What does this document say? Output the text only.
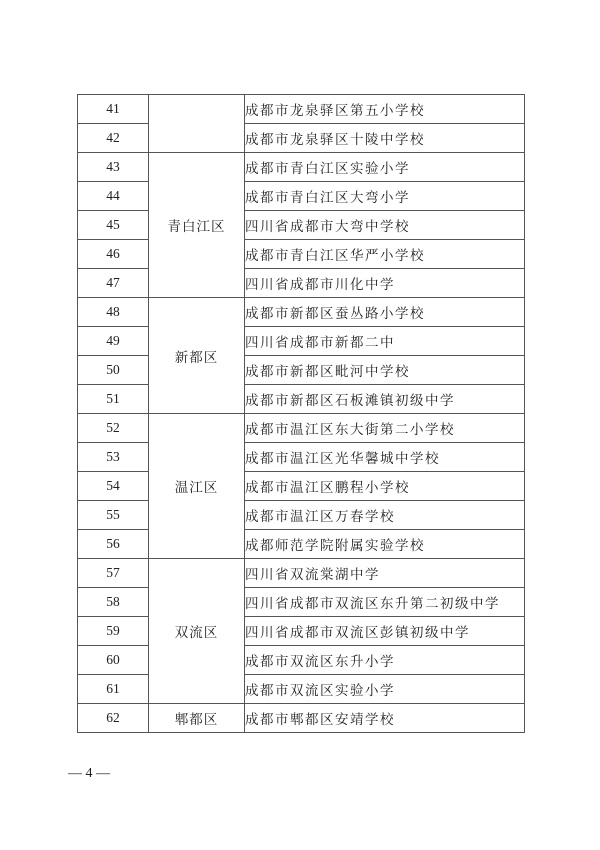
41		成都市龙泉驿区第五小学校
42		成都市龙泉驿区十陵中学校
43	青白江区	成都市青白江区实验小学
44		成都市青白江区大弯小学
45		四川省成都市大弯中学校
46		成都市青白江区华严小学校
47		四川省成都市川化中学
48	新都区	成都市新都区蚕丛路小学校
49		四川省成都市新都二中
50		成都市新都区毗河中学校
51		成都市新都区石板滩镇初级中学
52	温江区	成都市温江区东大街第二小学校
53		成都市温江区光华馨城中学校
54		成都市温江区鹏程小学校
55		成都市温江区万春学校
56		成都师范学院附属实验学校
57	双流区	四川省双流棠湖中学
58		四川省成都市双流区东升第二初级中学
59		四川省成都市双流区彭镇初级中学
60		成都市双流区东升小学
61		成都市双流区实验小学
62	郫都区	成都市郫都区安靖学校
— 4 —
